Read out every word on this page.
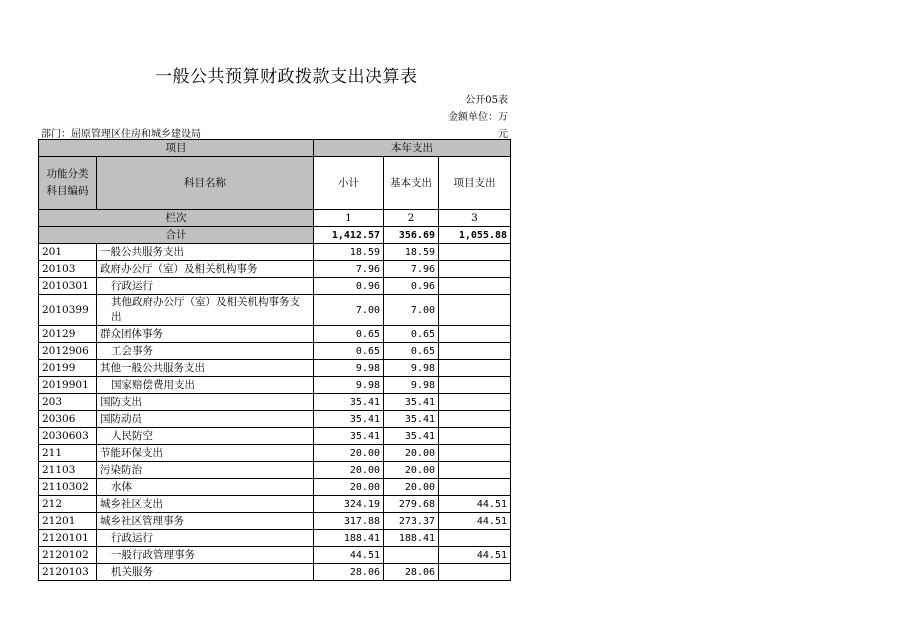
一般公共预算财政拨款支出决算表
公开05表
金额单位：万
部门：屈原管理区住房和城乡建设局	元
项目		本年支出		
功能分类科目编码	科目名称	小计	基本支出	项目支出
栏次		1	2	3
合计		1,412.57	356.69	1,055.88
201	一般公共服务支出	18.59	18.59	
20103	政府办公厅（室）及相关机构事务	7.96	7.96	
2010301	行政运行	0.96	0.96	
2010399	其他政府办公厅（室）及相关机构事务支出	7.00	7.00	
20129	群众团体事务	0.65	0.65	
2012906	工会事务	0.65	0.65	
20199	其他一般公共服务支出	9.98	9.98	
2019901	国家赔偿费用支出	9.98	9.98	
203	国防支出	35.41	35.41	
20306	国防动员	35.41	35.41	
2030603	人民防空	35.41	35.41	
211	节能环保支出	20.00	20.00	
21103	污染防治	20.00	20.00	
2110302	水体	20.00	20.00	
212	城乡社区支出	324.19	279.68	44.51
21201	城乡社区管理事务	317.88	273.37	44.51
2120101	行政运行	188.41	188.41	
2120102	一般行政管理事务	44.51		44.51
2120103	机关服务	28.06	28.06	
